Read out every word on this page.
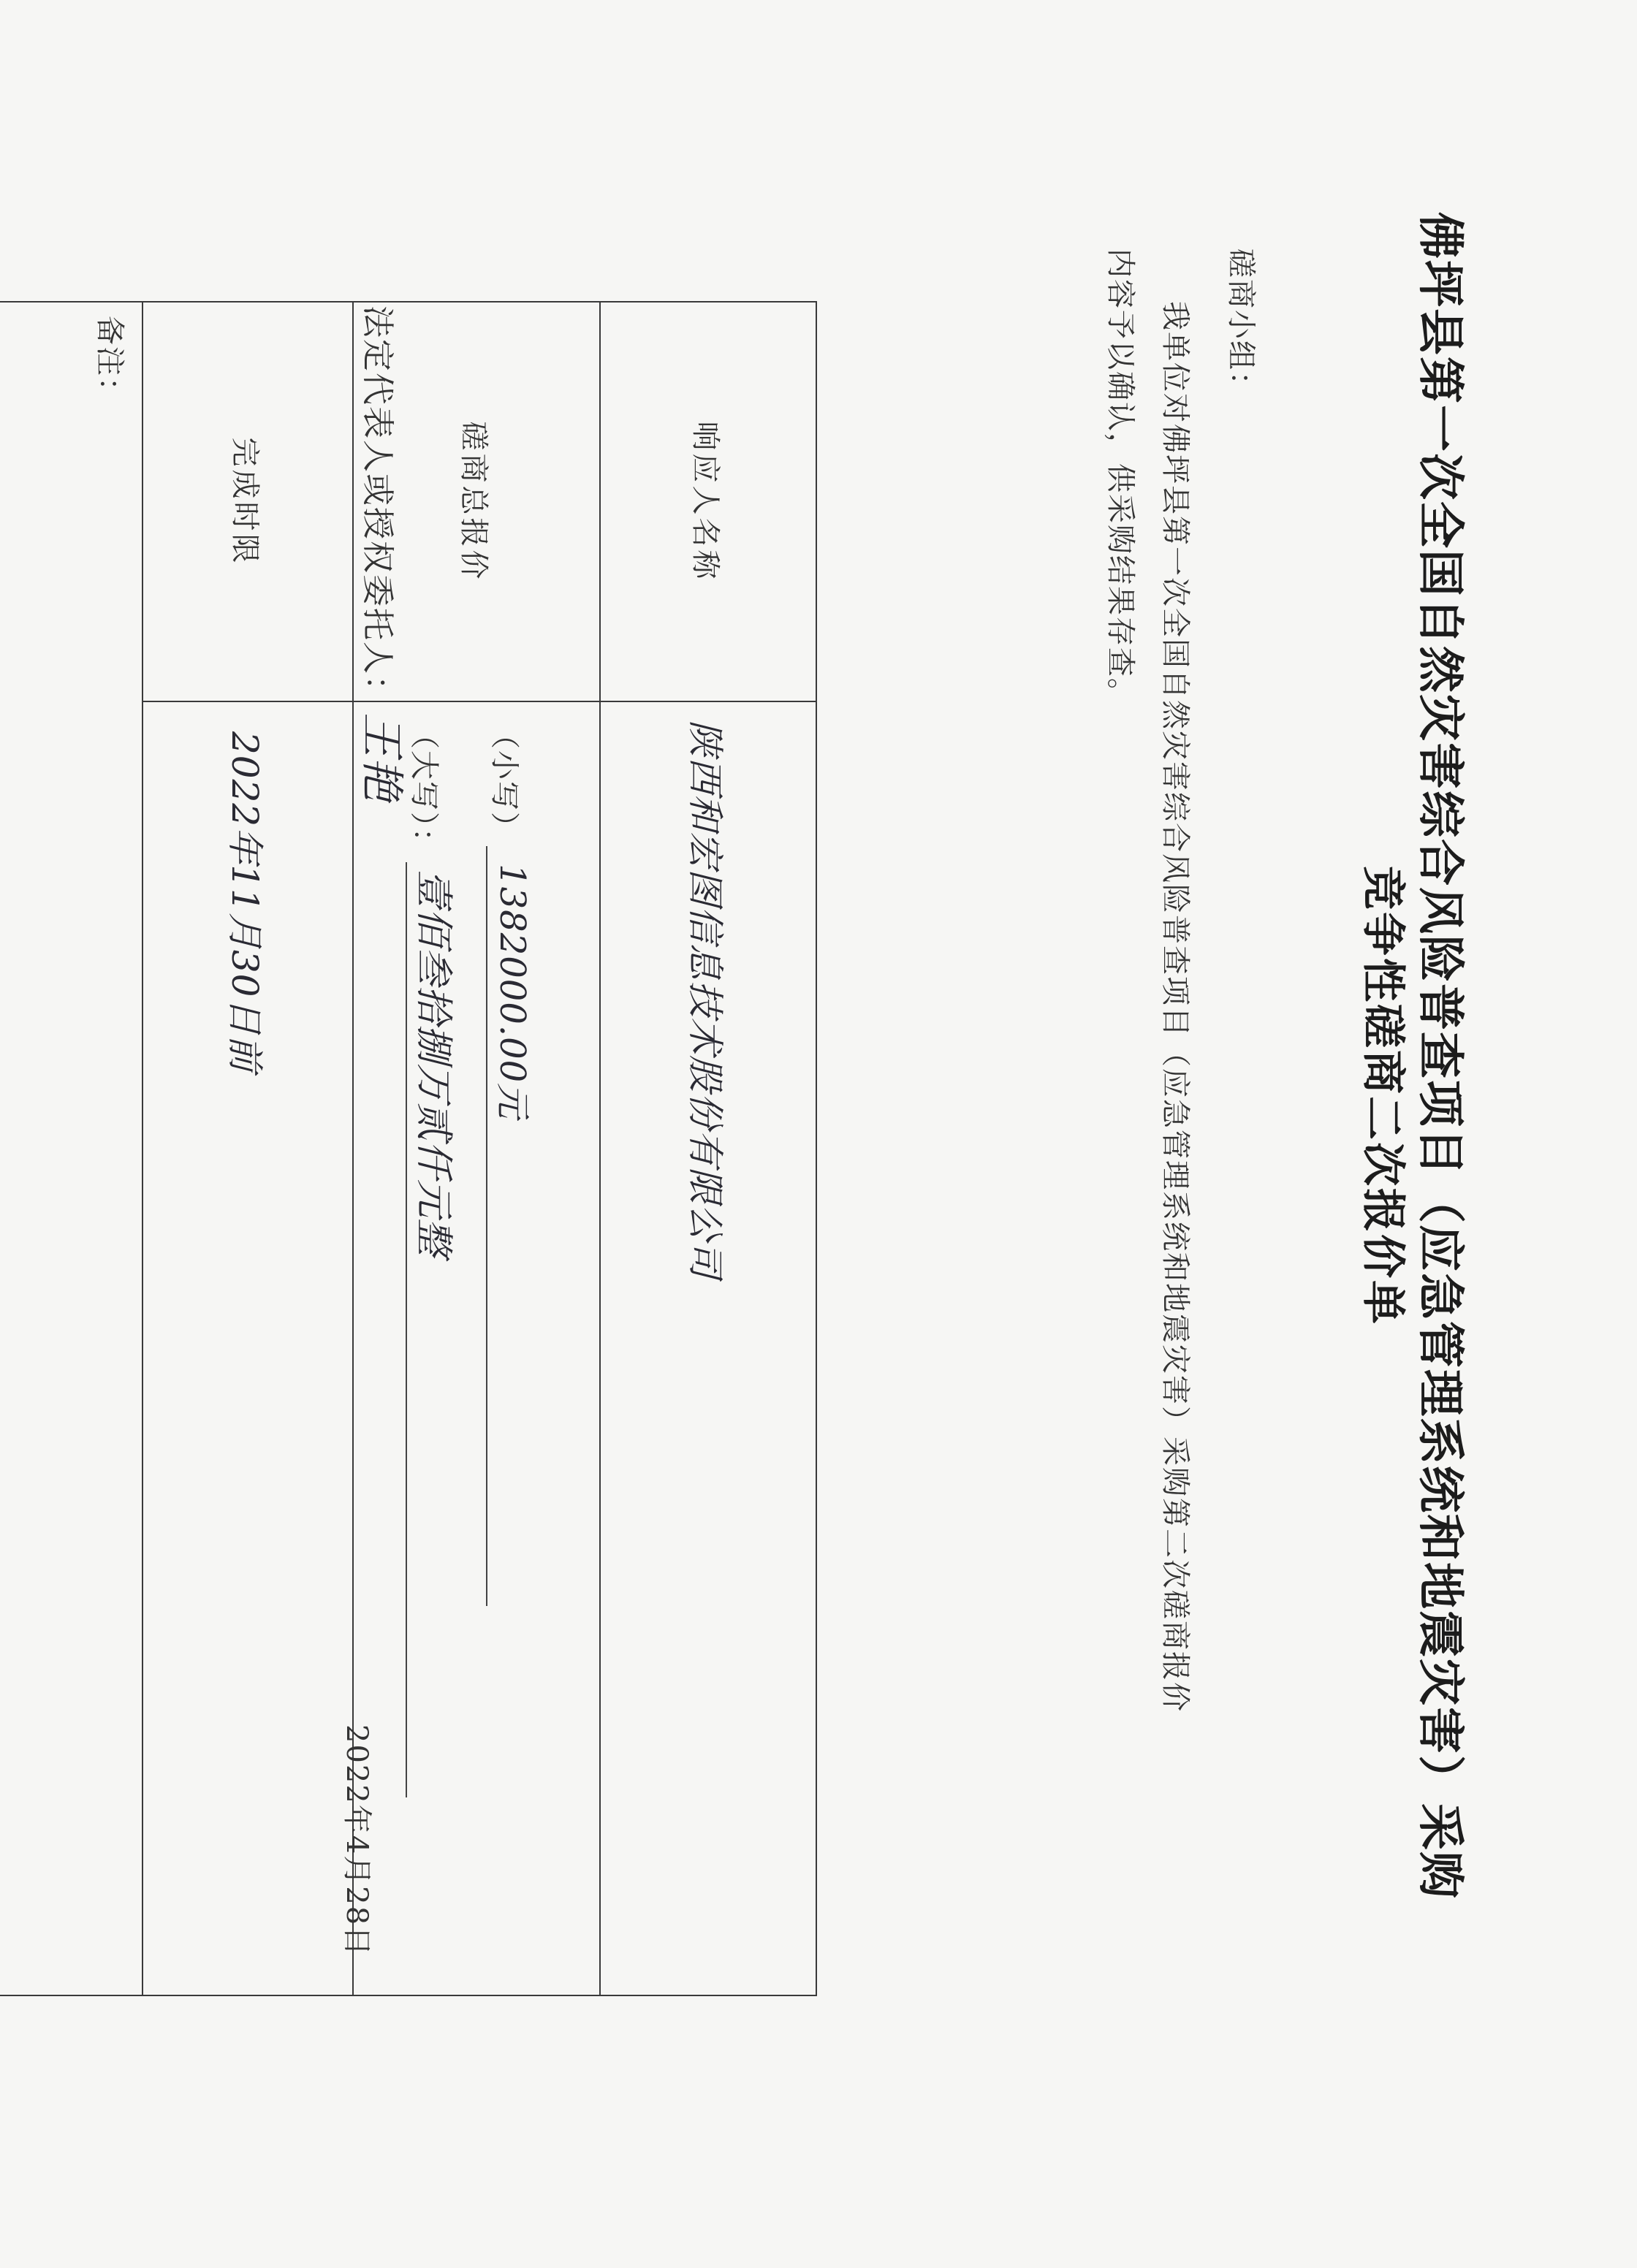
佛坪县第一次全国自然灾害综合风险普查项目（应急管理系统和地震灾害）采购
竞争性磋商二次报价单
磋商小组：
我单位对佛坪县第一次全国自然灾害综合风险普查项目（应急管理系统和地震灾害）采购第二次磋商报价
内容予以确认，供采购结果存查。
响应人名称	陕西和宏图信息技术股份有限公司
磋商总报价	（小写）
1382000.00元
（大写）：
壹佰叁拾捌万贰仟元整

完成时限	2022年11月30日前
备注：		法定代表人或授权委托人： 王艳
2022年4月28日
